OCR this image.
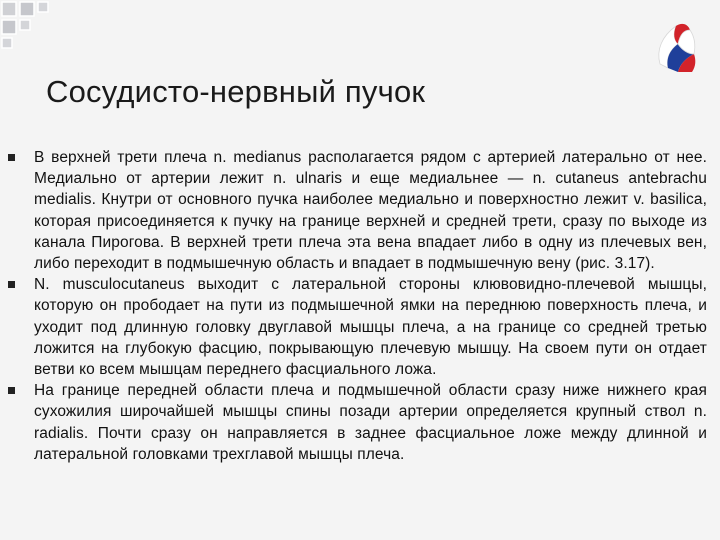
Сосудисто-нервный пучок
В верхней трети плеча n. medianus располагается рядом с артерией латерально от нее. Медиально от артерии лежит n. ulnaris и еще медиальнее — n. cutaneus antebrachu medialis. Кнутри от основного пучка наиболее медиально и поверхностно лежит v. basilica, которая присоединяется к пучку на границе верхней и средней трети, сразу по выходе из канала Пирогова. В верхней трети плеча эта вена впадает либо в одну из плечевых вен, либо переходит в подмышечную область и впадает в подмышечную вену (рис. 3.17).
N. musculocutaneus выходит с латеральной стороны клювовидно-плечевой мышцы, которую он прободает на пути из подмышечной ямки на переднюю поверхность плеча, и уходит под длинную головку двуглавой мышцы плеча, а на границе со средней третью ложится на глубокую фасцию, покрывающую плечевую мышцу. На своем пути он отдает ветви ко всем мышцам переднего фасциального ложа.
На границе передней области плеча и подмышечной области сразу ниже нижнего края сухожилия широчайшей мышцы спины позади артерии определяется крупный ствол n. radialis. Почти сразу он направляется в заднее фасциальное ложе между длинной и латеральной головками трехглавой мышцы плеча.
